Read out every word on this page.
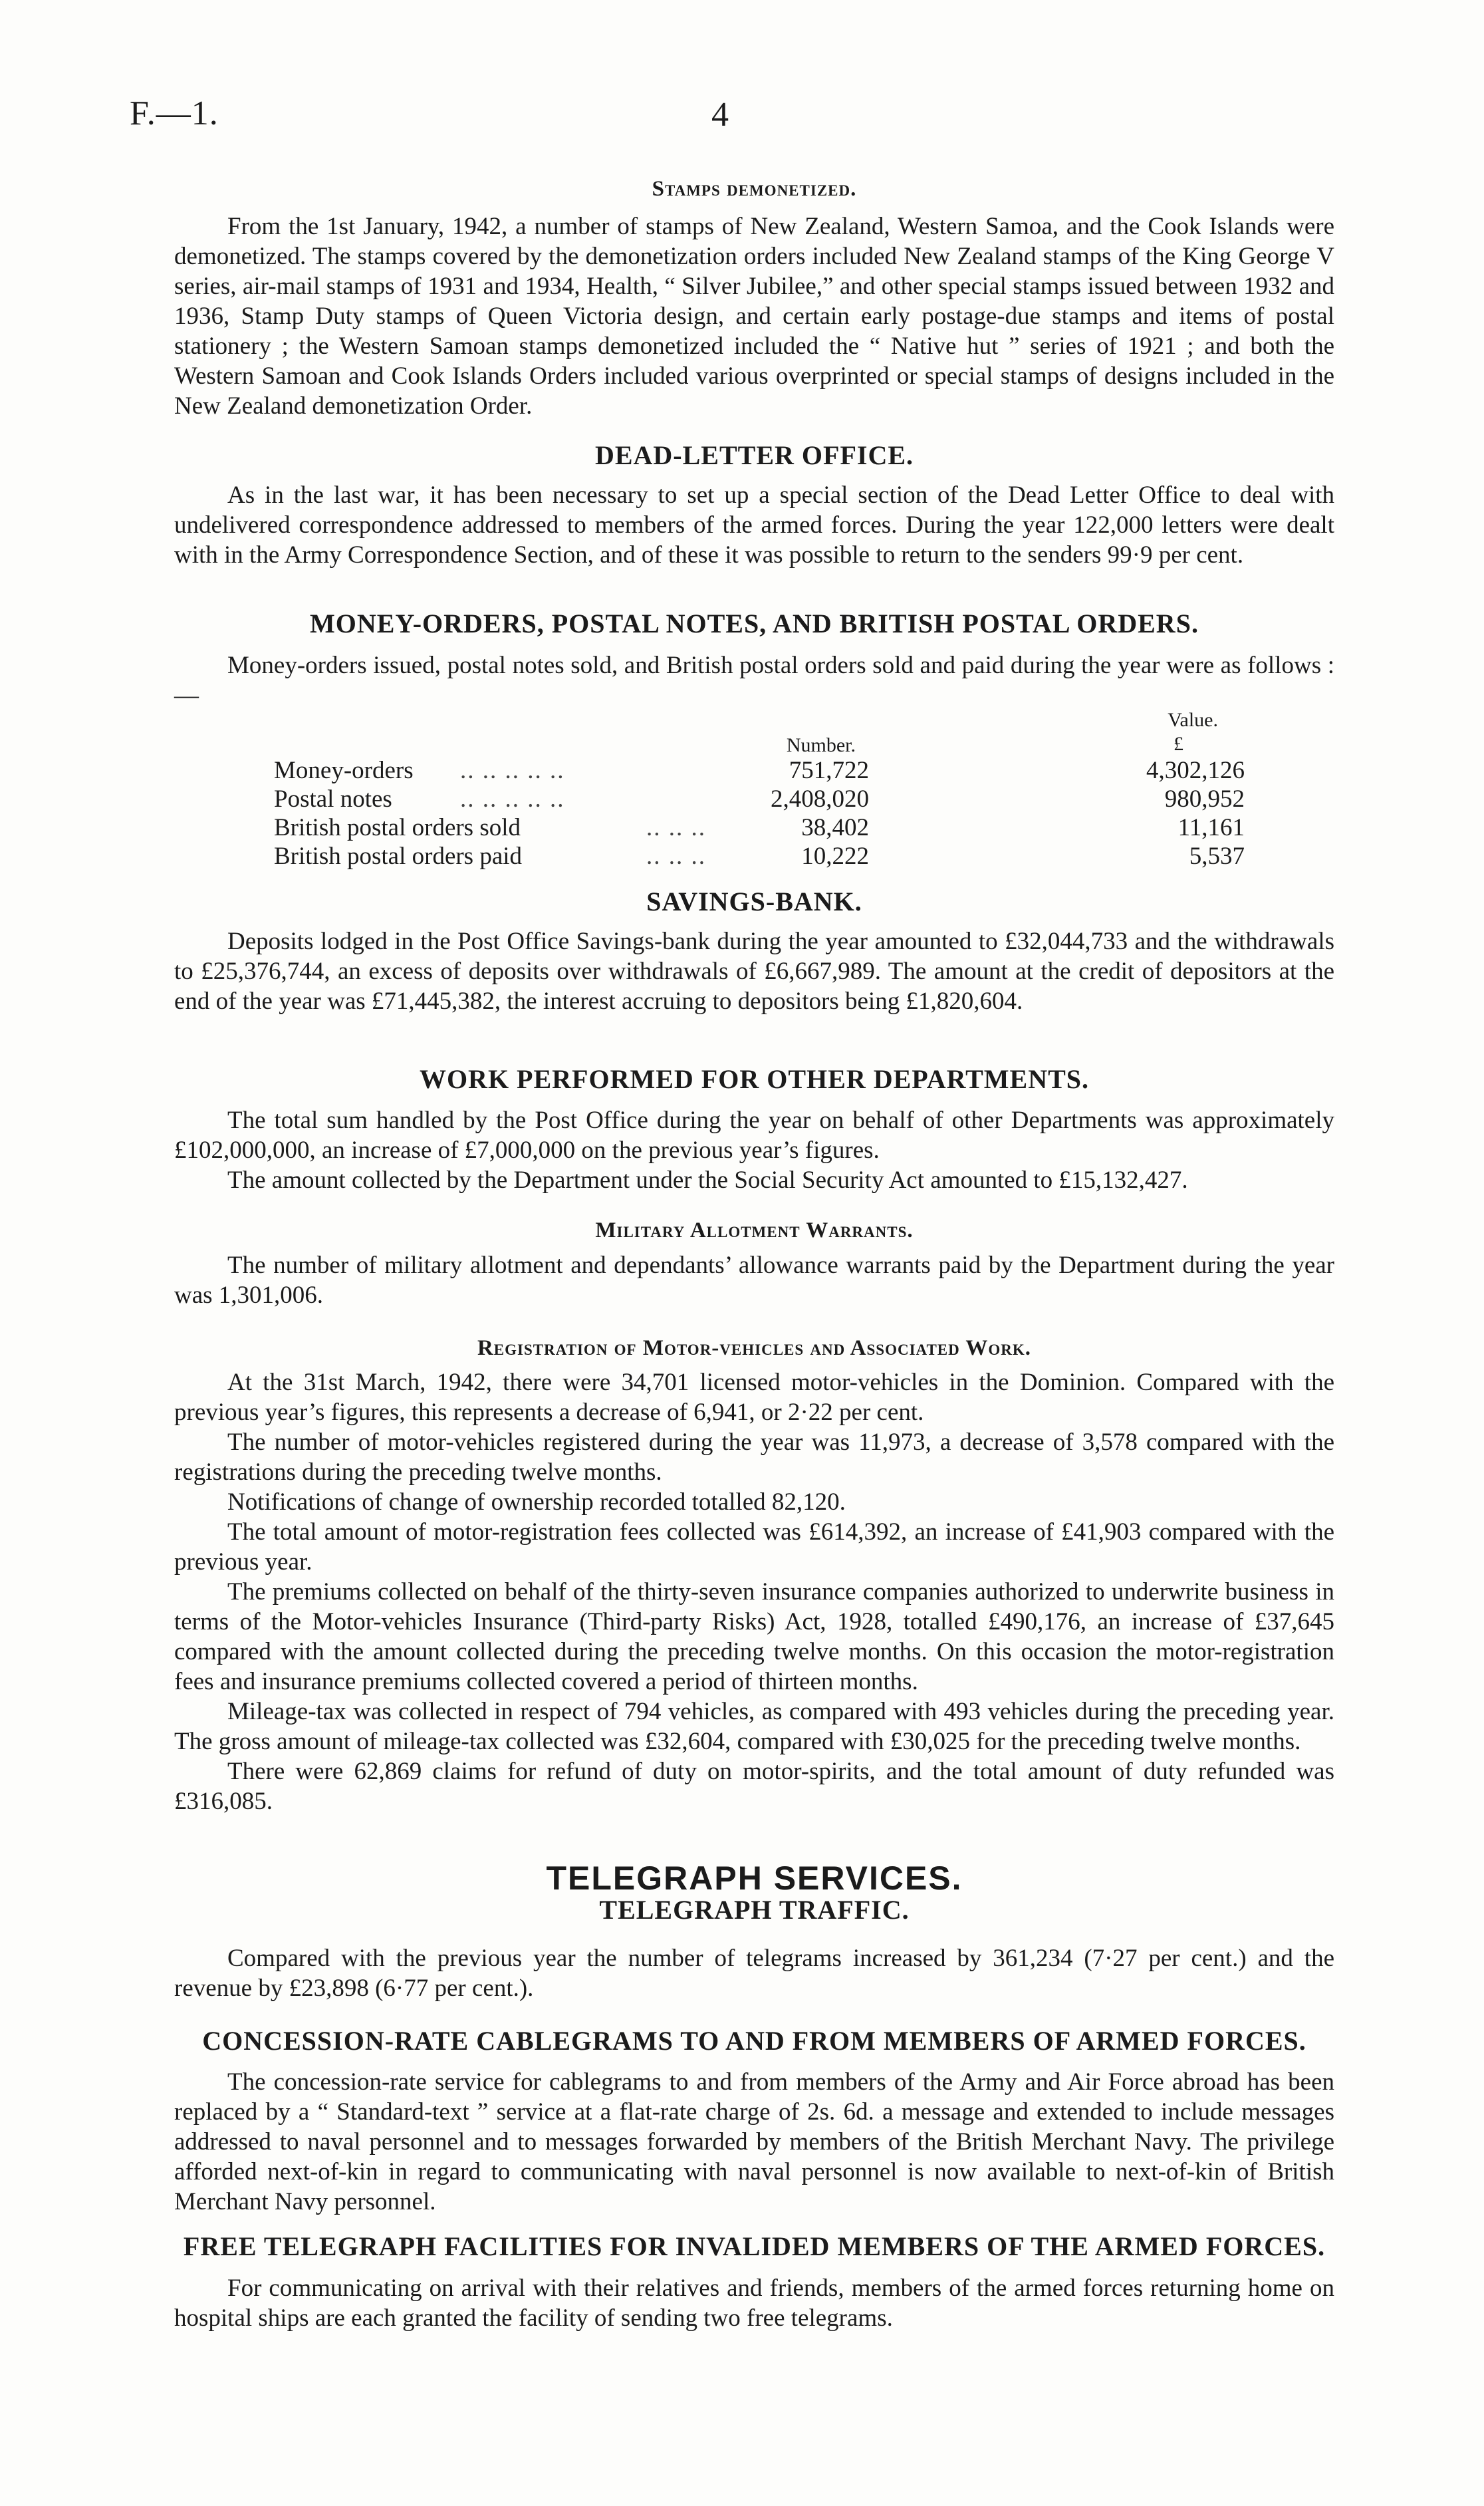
F.—1.	4
Stamps demonetized.

From the 1st January, 1942, a number of stamps of New Zealand, Western Samoa, and the Cook Islands were demonetized. The stamps covered by the demonetization orders included New Zealand stamps of the King George V series, air-mail stamps of 1931 and 1934, Health, “ Silver Jubilee,” and other special stamps issued between 1932 and 1936, Stamp Duty stamps of Queen Victoria design, and certain early postage-due stamps and items of postal stationery ; the Western Samoan stamps demonetized included the “ Native hut ” series of 1921 ; and both the Western Samoan and Cook Islands Orders included various overprinted or special stamps of designs included in the New Zealand demonetization Order.

DEAD-LETTER OFFICE.

As in the last war, it has been necessary to set up a special section of the Dead Letter Office to deal with undelivered correspondence addressed to members of the armed forces. During the year 122,000 letters were dealt with in the Army Correspondence Section, and of these it was possible to return to the senders 99·9 per cent.

MONEY-ORDERS, POSTAL NOTES, AND BRITISH POSTAL ORDERS.

Money-orders issued, postal notes sold, and British postal orders sold and paid during the year were as follows :—

Value.
£
Number.
Money-orders .. .. .. .. ..	751,722	4,302,126
Postal notes	.. .. .. .. ..	2,408,020	980,952
British postal orders sold	.. .. ..	38,402	11,161
British postal orders paid	.. .. ..	10,222	5,537
SAVINGS-BANK.

Deposits lodged in the Post Office Savings-bank during the year amounted to £32,044,733 and the withdrawals to £25,376,744, an excess of deposits over withdrawals of £6,667,989. The amount at the credit of depositors at the end of the year was £71,445,382, the interest accruing to depositors being £1,820,604.

WORK PERFORMED FOR OTHER DEPARTMENTS.

The total sum handled by the Post Office during the year on behalf of other Departments was approximately £102,000,000, an increase of £7,000,000 on the previous year’s figures.

The amount collected by the Department under the Social Security Act amounted to £15,132,427.

Military Allotment Warrants.

The number of military allotment and dependants’ allowance warrants paid by the Department during the year was 1,301,006.

Registration of Motor-vehicles and Associated Work.

At the 31st March, 1942, there were 34,701 licensed motor-vehicles in the Dominion. Compared with the previous year’s figures, this represents a decrease of 6,941, or 2·22 per cent.

The number of motor-vehicles registered during the year was 11,973, a decrease of 3,578 compared with the registrations during the preceding twelve months.

Notifications of change of ownership recorded totalled 82,120.

The total amount of motor-registration fees collected was £614,392, an increase of £41,903 compared with the previous year.

The premiums collected on behalf of the thirty-seven insurance companies authorized to underwrite business in terms of the Motor-vehicles Insurance (Third-party Risks) Act, 1928, totalled £490,176, an increase of £37,645 compared with the amount collected during the preceding twelve months. On this occasion the motor-registration fees and insurance premiums collected covered a period of thirteen months.

Mileage-tax was collected in respect of 794 vehicles, as compared with 493 vehicles during the preceding year. The gross amount of mileage-tax collected was £32,604, compared with £30,025 for the preceding twelve months.

There were 62,869 claims for refund of duty on motor-spirits, and the total amount of duty refunded was £316,085.

TELEGRAPH SERVICES.
TELEGRAPH TRAFFIC.

Compared with the previous year the number of telegrams increased by 361,234 (7·27 per cent.) and the revenue by £23,898 (6·77 per cent.).

CONCESSION-RATE CABLEGRAMS TO AND FROM MEMBERS OF ARMED FORCES.

The concession-rate service for cablegrams to and from members of the Army and Air Force abroad has been replaced by a “ Standard-text ” service at a flat-rate charge of 2s. 6d. a message and extended to include messages addressed to naval personnel and to messages forwarded by members of the British Merchant Navy. The privilege afforded next-of-kin in regard to communicating with naval personnel is now available to next-of-kin of British Merchant Navy personnel.

FREE TELEGRAPH FACILITIES FOR INVALIDED MEMBERS OF THE ARMED FORCES.

For communicating on arrival with their relatives and friends, members of the armed forces returning home on hospital ships are each granted the facility of sending two free telegrams.
